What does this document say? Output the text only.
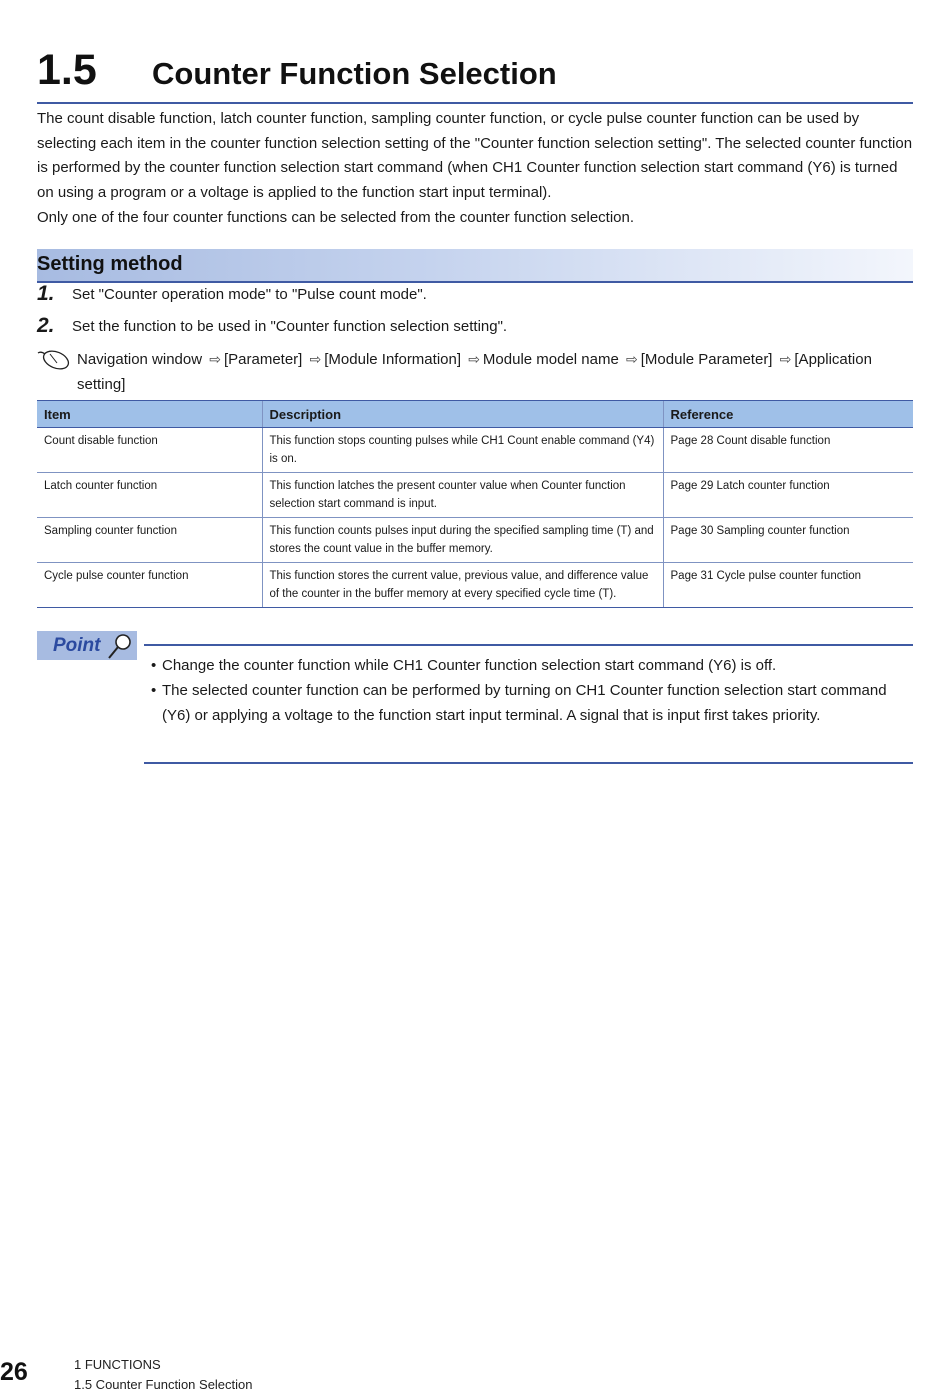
1.5 Counter Function Selection

The count disable function, latch counter function, sampling counter function, or cycle pulse counter function can be used by selecting each item in the counter function selection setting of the "Counter function selection setting". The selected counter function is performed by the counter function selection start command (when CH1 Counter function selection start command (Y6) is turned on using a program or a voltage is applied to the function start input terminal).

Only one of the four counter functions can be selected from the counter function selection.

Setting method
1. Set "Counter operation mode" to "Pulse count mode".
2. Set the function to be used in "Counter function selection setting".
Navigation window ⇨ [Parameter] ⇨ [Module Information] ⇨ Module model name ⇨ [Module Parameter] ⇨ [Application setting]
Item	Description	Reference
Count disable function	This function stops counting pulses while CH1 Count enable command (Y4) is on.	Page 28 Count disable function
Latch counter function	This function latches the present counter value when Counter function selection start command is input.	Page 29 Latch counter function
Sampling counter function	This function counts pulses input during the specified sampling time (T) and stores the count value in the buffer memory.	Page 30 Sampling counter function
Cycle pulse counter function	This function stores the current value, previous value, and difference value of the counter in the buffer memory at every specified cycle time (T).	Page 31 Cycle pulse counter function
Point
• Change the counter function while CH1 Counter function selection start command (Y6) is off.
• The selected counter function can be performed by turning on CH1 Counter function selection start command (Y6) or applying a voltage to the function start input terminal. A signal that is input first takes priority.
26	1 FUNCTIONS
1.5 Counter Function Selection
